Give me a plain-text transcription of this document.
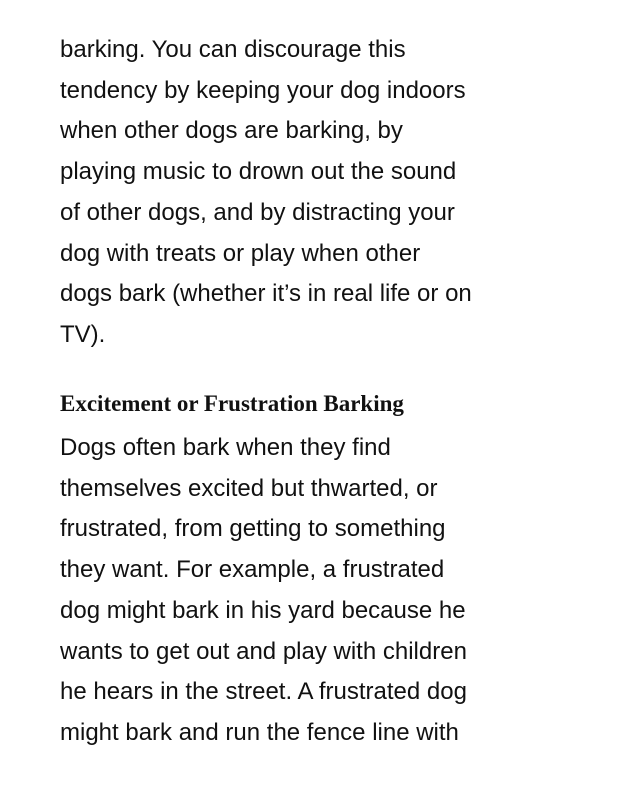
barking. You can discourage this
tendency by keeping your dog indoors
when other dogs are barking, by
playing music to drown out the sound
of other dogs, and by distracting your
dog with treats or play when other
dogs bark (whether it’s in real life or on
TV).

Excitement or Frustration Barking

Dogs often bark when they find
themselves excited but thwarted, or
frustrated, from getting to something
they want. For example, a frustrated
dog might bark in his yard because he
wants to get out and play with children
he hears in the street. A frustrated dog
might bark and run the fence line with
